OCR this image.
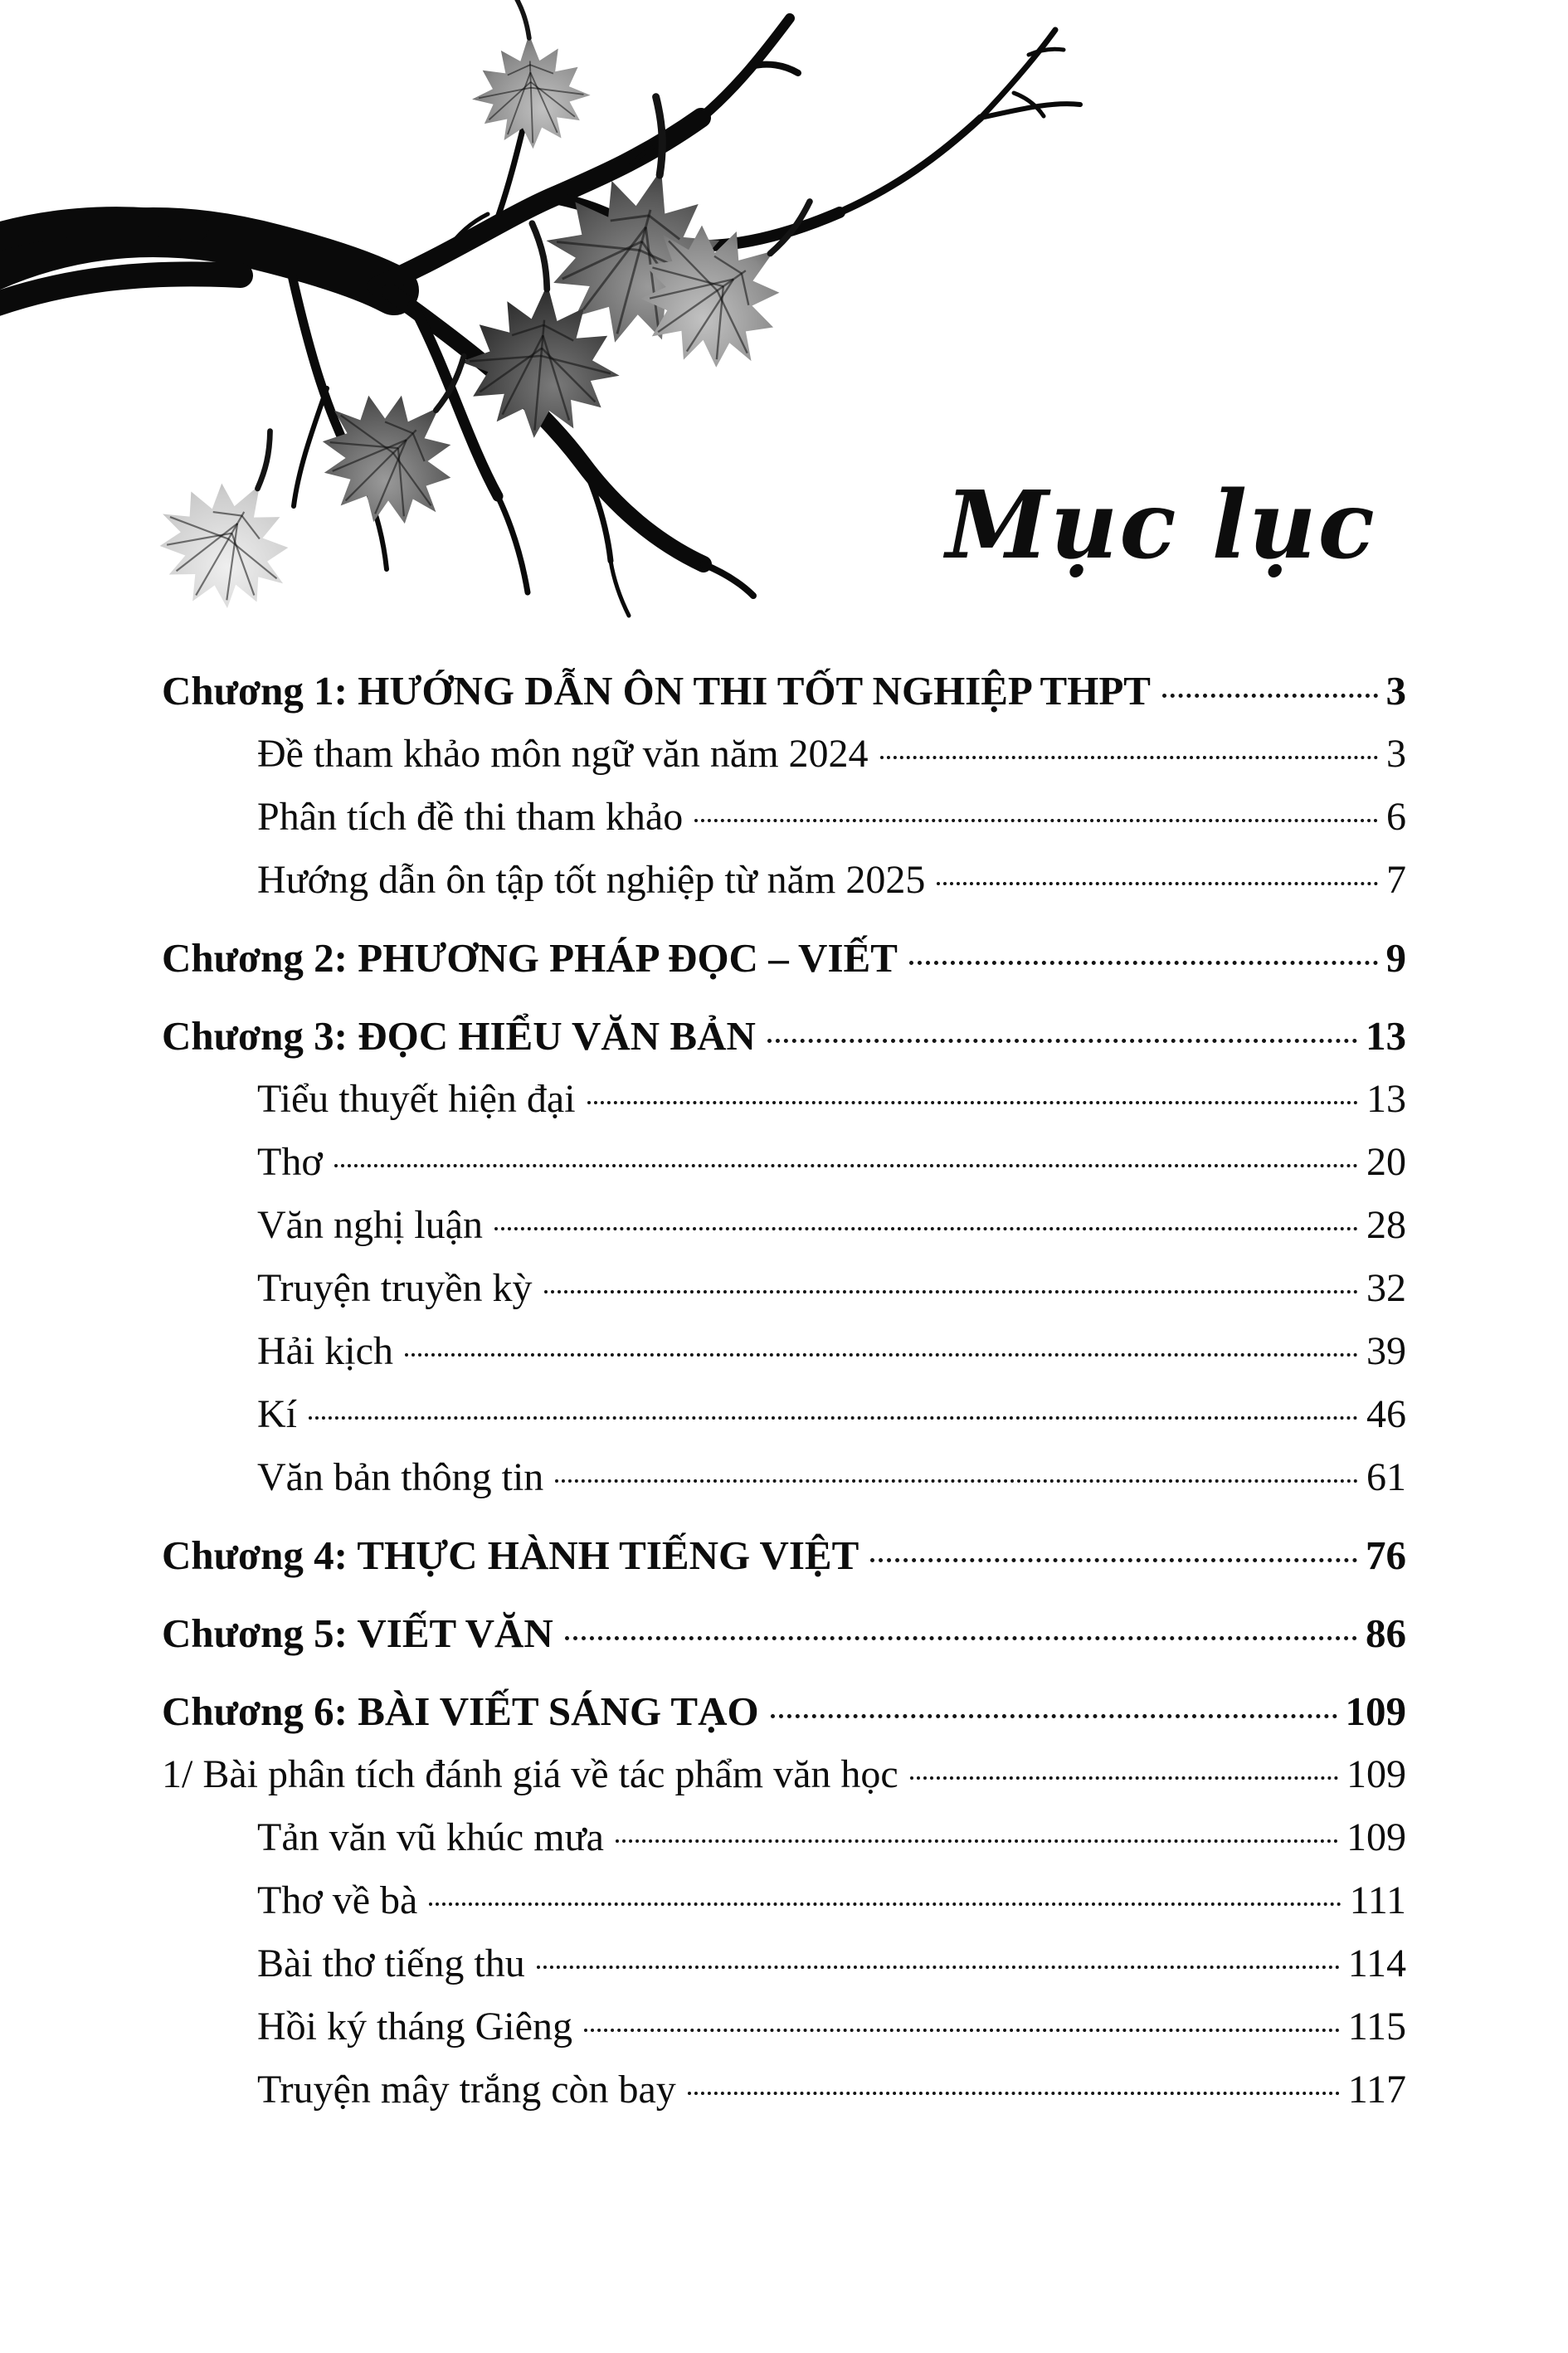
Mục lục
Chương 1: HƯỚNG DẪN ÔN THI TỐT NGHIỆP THPT	3
Đề tham khảo môn ngữ văn năm 2024	3
Phân tích đề thi tham khảo	6
Hướng dẫn ôn tập tốt nghiệp từ năm 2025	7
Chương 2: PHƯƠNG PHÁP ĐỌC – VIẾT	9
Chương 3: ĐỌC HIỂU VĂN BẢN	13
Tiểu thuyết hiện đại	13
Thơ	20
Văn nghị luận	28
Truyện truyền kỳ	32
Hải kịch	39
Kí	46
Văn bản thông tin	61
Chương 4: THỰC HÀNH TIẾNG VIỆT	76
Chương 5: VIẾT VĂN	86
Chương 6: BÀI VIẾT SÁNG TẠO	109
1/ Bài phân tích đánh giá về tác phẩm văn học	109
Tản văn vũ khúc mưa	109
Thơ về bà	111
Bài thơ tiếng thu	114
Hồi ký tháng Giêng	115
Truyện mây trắng còn bay	117
